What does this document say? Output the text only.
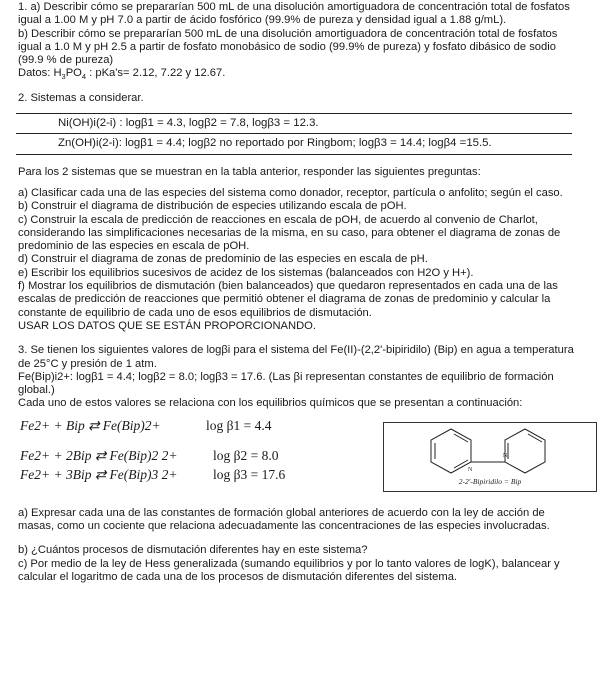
1. a) Describir cómo se prepararían 500 mL de una disolución amortiguadora de concentración total de fosfatos

igual a 1.00 M y pH 7.0 a partir de ácido fosfórico (99.9% de pureza y densidad igual a 1.88 g/mL).

b) Describir cómo se prepararían 500 mL de una disolución amortiguadora de concentración total de fosfatos

igual a 1.0 M y pH 2.5 a partir de fosfato monobásico de sodio (99.9% de pureza) y fosfato dibásico de sodio

(99.9 % de pureza)

Datos: $H_3PO_4$ : pKa's= 2.12, 7.22 y 12.67.

2. Sistemas a considerar.

Ni(OH)i(2-i) : logβ1 = 4.3, logβ2 = 7.8, logβ3 = 12.3.
Zn(OH)i(2-i): logβ1 = 4.4; logβ2 no reportado por Ringbom; logβ3 = 14.4; logβ4 =15.5.

Para los 2 sistemas que se muestran en la tabla anterior, responder las siguientes preguntas:

a) Clasificar cada una de las especies del sistema como donador, receptor, partícula o anfolito; según el caso.

b) Construir el diagrama de distribución de especies utilizando escala de pOH.

c) Construir la escala de predicción de reacciones en escala de pOH, de acuerdo al convenio de Charlot,

considerando las simplificaciones necesarias de la misma, en su caso, para obtener el diagrama de zonas de

predominio de las especies en escala de pOH.

d) Construir el diagrama de zonas de predominio de las especies en escala de pH.

e) Escribir los equilibrios sucesivos de acidez de los sistemas (balanceados con H2O y H+).

f) Mostrar los equilibrios de dismutación (bien balanceados) que quedaron representados en cada una de las

escalas de predicción de reacciones que permitió obtener el diagrama de zonas de predominio y calcular la

constante de equilibrio de cada uno de esos equilibrios de dismutación.

USAR LOS DATOS QUE SE ESTÁN PROPORCIONANDO.

3. Se tienen los siguientes valores de logβi para el sistema del Fe(II)-(2,2'-bipiridilo) (Bip) en agua a temperatura

de 25°C y presión de 1 atm.

Fe(Bip)i2+: logβ1 = 4.4; logβ2 = 8.0; logβ3 = 17.6. (Las βi representan constantes de equilibrio de formación

global.)

Cada uno de estos valores se relaciona con los equilibrios químicos que se presentan a continuación:

Fe2+ + Bip ⇄ Fe(Bip)2+	log β1 = 4.4
Fe2+ + 2Bip ⇄ Fe(Bip)2 2+	log β2 = 8.0
Fe2+ + 3Bip ⇄ Fe(Bip)3 2+	log β3 = 17.6	N
N
2-2'-Bipiridilo = Bip

a) Expresar cada una de las constantes de formación global anteriores de acuerdo con la ley de acción de

masas, como un cociente que relaciona adecuadamente las concentraciones de las especies involucradas.

b) ¿Cuántos procesos de dismutación diferentes hay en este sistema?

c) Por medio de la ley de Hess generalizada (sumando equilibrios y por lo tanto valores de logK), balancear y

calcular el logaritmo de cada una de los procesos de dismutación diferentes del sistema.
